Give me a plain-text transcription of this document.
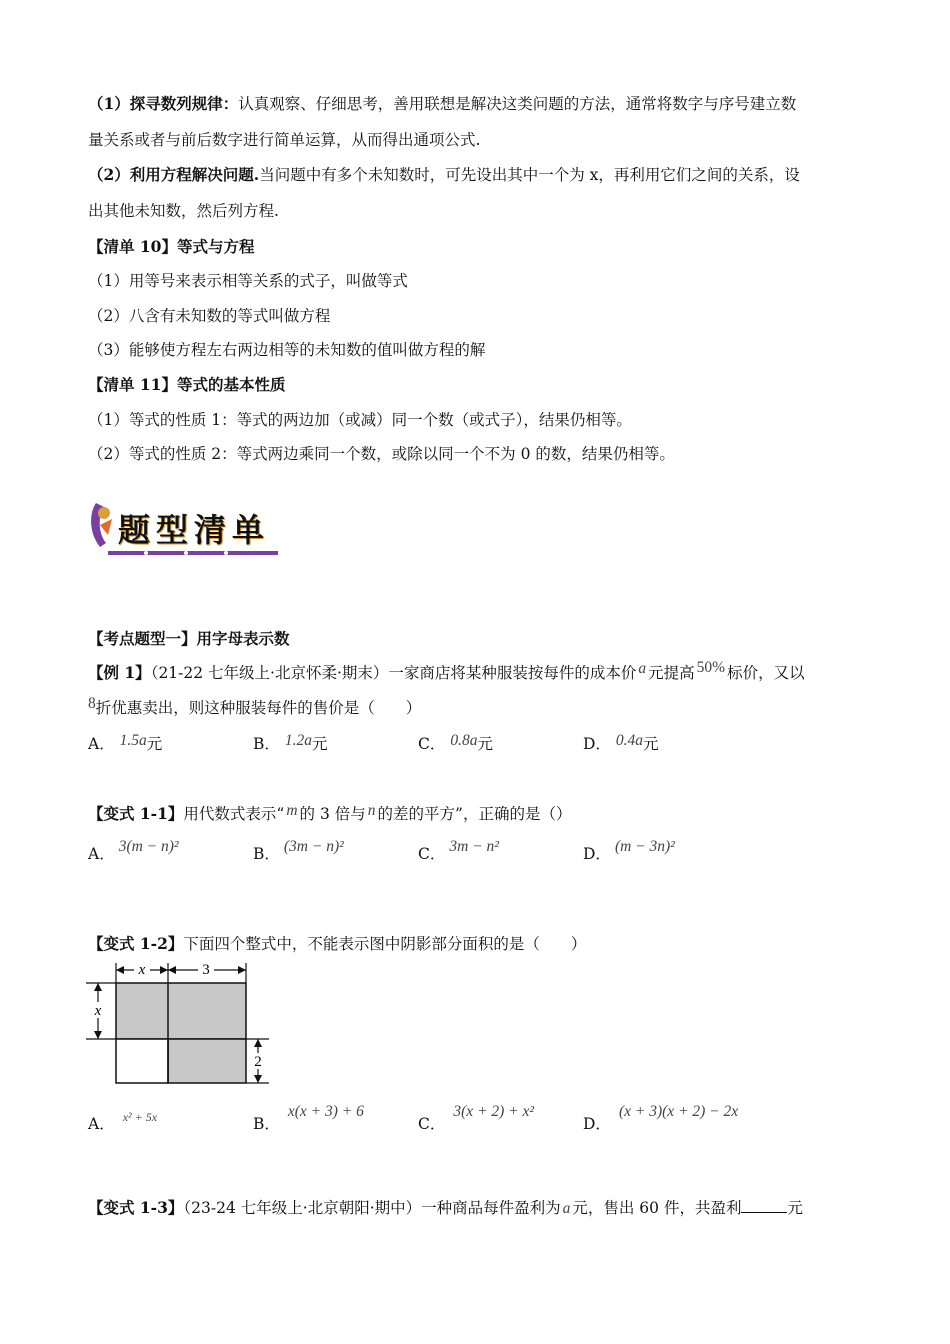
（1）探寻数列规律：认真观察、仔细思考，善用联想是解决这类问题的方法，通常将数字与序号建立数
量关系或者与前后数字进行简单运算，从而得出通项公式.
（2）利用方程解决问题.当问题中有多个未知数时，可先设出其中一个为 x，再利用它们之间的关系，设
出其他未知数，然后列方程.
【清单 10】等式与方程
（1）用等号来表示相等关系的式子，叫做等式
（2）八含有未知数的等式叫做方程
（3）能够使方程左右两边相等的未知数的值叫做方程的解
【清单 11】等式的基本性质
（1）等式的性质 1：等式的两边加（或减）同一个数（或式子），结果仍相等。
（2）等式的性质 2：等式两边乘同一个数，或除以同一个不为 0 的数，结果仍相等。
题型清单
【考点题型一】用字母表示数
【例 1】（21-22 七年级上·北京怀柔·期末）一家商店将某种服装按每件的成本价 a 元提高 50% 标价，又以
8折优惠卖出，则这种服装每件的售价是（　　）
A． 1.5a元	B． 1.2a元	C． 0.8a元	D． 0.4a元
【变式 1-1】用代数式表示“ m 的 3 倍与 n 的差的平方”，正确的是（）
A． 3(m − n)²	B． (3m − n)²	C． 3m − n²	D． (m − 3n)²
【变式 1-2】下面四个整式中，不能表示图中阴影部分面积的是（　　）
x	3
x
2
A． $^{x^2 + 5x}$	B．x(x + 3) + 6
C．3(x + 2) + x²
D．(x + 3)(x + 2) − 2x
【变式 1-3】（23-24 七年级上·北京朝阳·期中）一种商品每件盈利为 a 元，售出 60 件，共盈利	元
